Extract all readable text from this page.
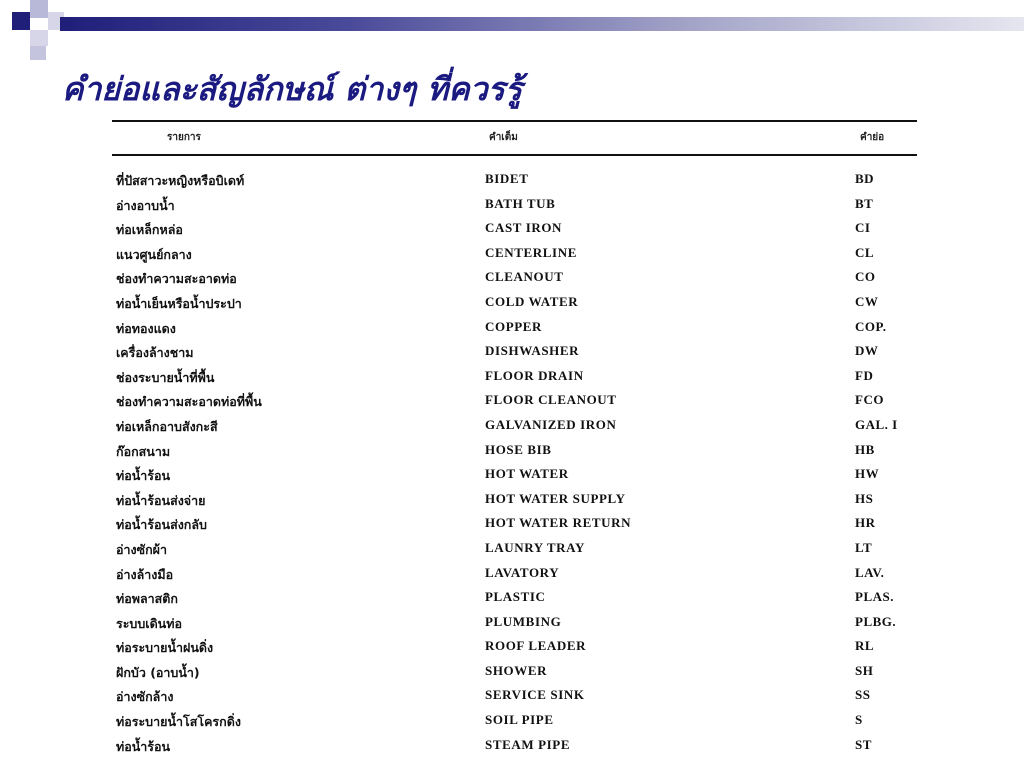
คำย่อและสัญลักษณ์ ต่างๆ ที่ควรรู้
รายการ	คำเต็ม	คำย่อ
ที่ปัสสาวะหญิงหรือบิเดท์	BIDET	BD
อ่างอาบน้ำ	BATH TUB	BT
ท่อเหล็กหล่อ	CAST IRON	CI
แนวศูนย์กลาง	CENTERLINE	CL
ช่องทำความสะอาดท่อ	CLEANOUT	CO
ท่อน้ำเย็นหรือน้ำประปา	COLD WATER	CW
ท่อทองแดง	COPPER	COP.
เครื่องล้างชาม	DISHWASHER	DW
ช่องระบายน้ำที่พื้น	FLOOR DRAIN	FD
ช่องทำความสะอาดท่อที่พื้น	FLOOR CLEANOUT	FCO
ท่อเหล็กอาบสังกะสี	GALVANIZED IRON	GAL. I
ก๊อกสนาม	HOSE BIB	HB
ท่อน้ำร้อน	HOT WATER	HW
ท่อน้ำร้อนส่งจ่าย	HOT WATER SUPPLY	HS
ท่อน้ำร้อนส่งกลับ	HOT WATER RETURN	HR
อ่างซักผ้า	LAUNRY TRAY	LT
อ่างล้างมือ	LAVATORY	LAV.
ท่อพลาสติก	PLASTIC	PLAS.
ระบบเดินท่อ	PLUMBING	PLBG.
ท่อระบายน้ำฝนดิ่ง	ROOF LEADER	RL
ฝักบัว (อาบน้ำ)	SHOWER	SH
อ่างซักล้าง	SERVICE SINK	SS
ท่อระบายน้ำโสโครกดิ่ง	SOIL PIPE	S
ท่อน้ำร้อน	STEAM PIPE	ST
